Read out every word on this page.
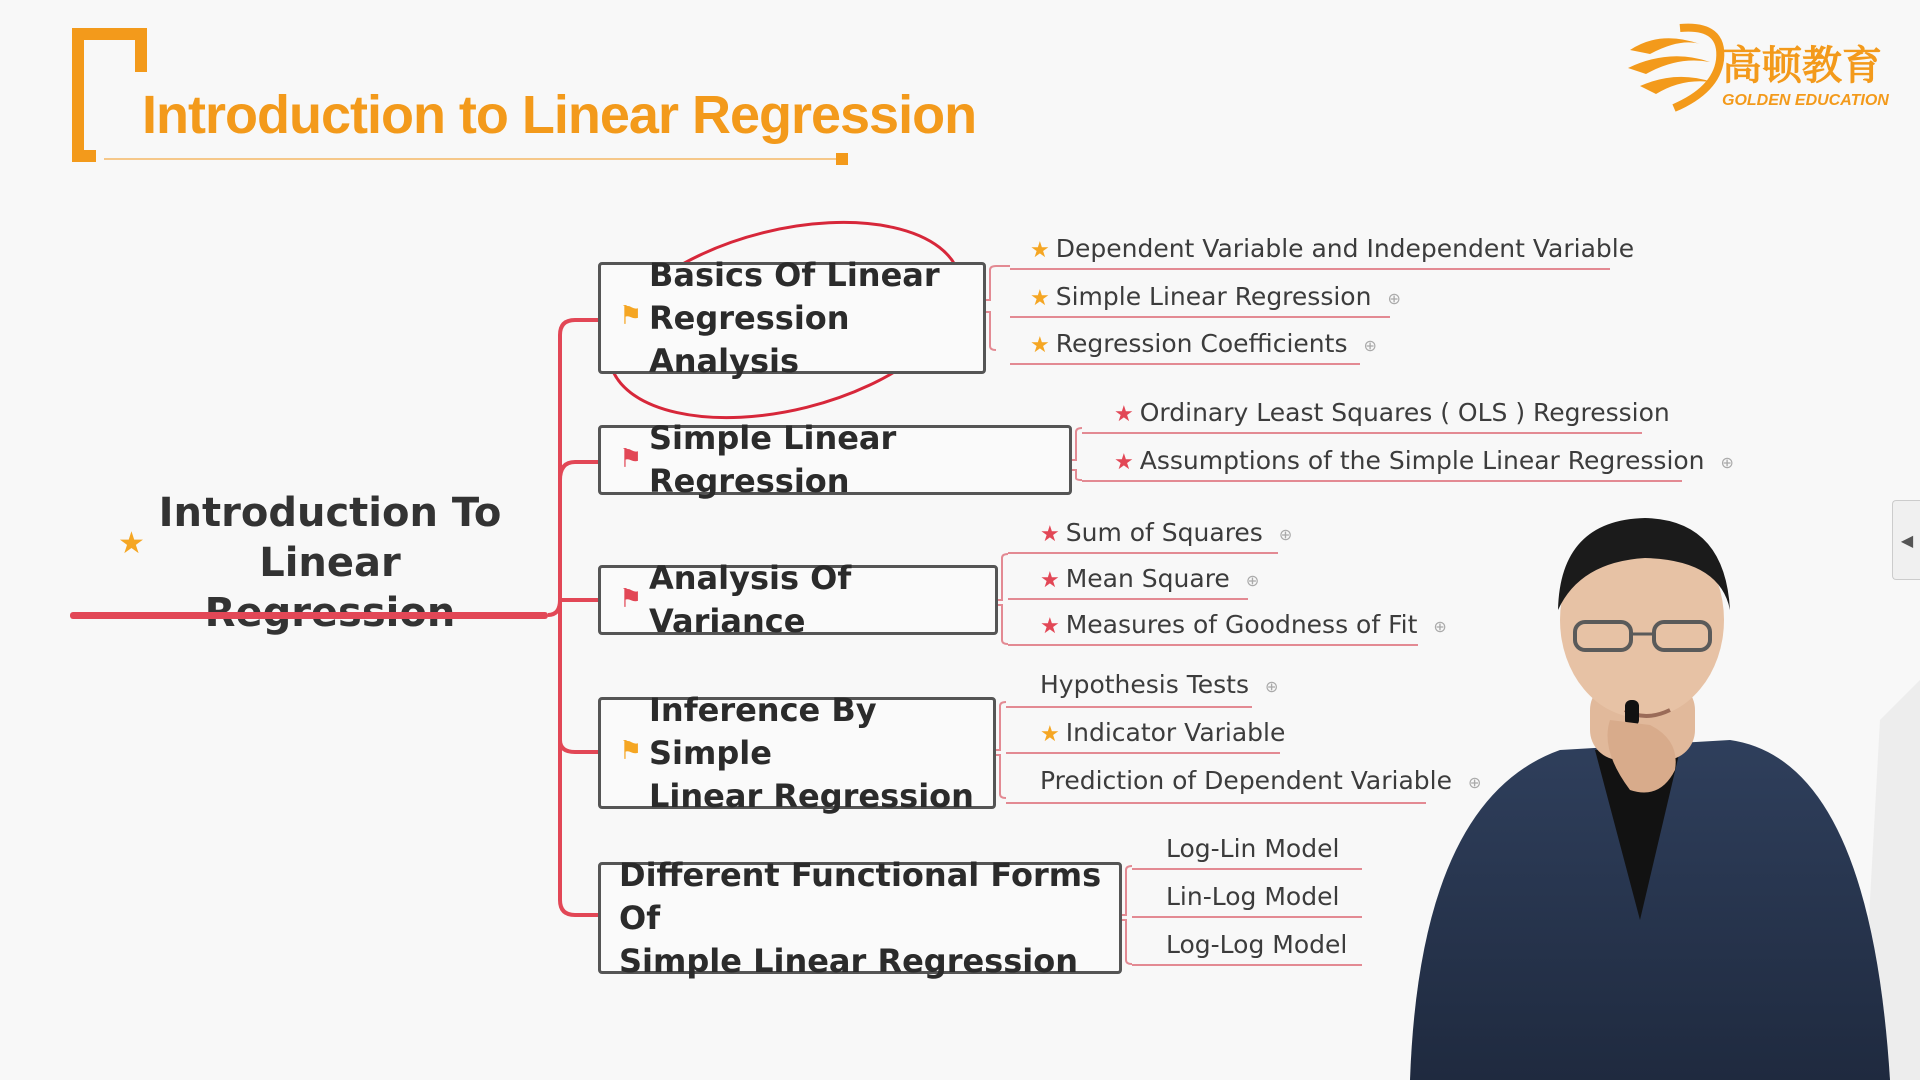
Introduction to Linear Regression
高顿教育
GOLDEN EDUCATION
★
Introduction To
Linear
⚑
Basics Of Linear
Regression Analysis
★ Dependent Variable and Independent Variable
★ Simple Linear Regression ⊕
★ Regression Coefficients ⊕
⚑
Simple Linear Regression
★ Ordinary Least Squares ( OLS ) Regression
★ Assumptions of the Simple Linear Regression ⊕
⚑
Analysis Of Variance
★ Sum of Squares ⊕
★ Mean Square ⊕
★ Measures of Goodness of Fit ⊕
⚑
Inference By Simple
Linear Regression
Hypothesis Tests ⊕
★ Indicator Variable
Prediction of Dependent Variable ⊕
Different Functional Forms Of
Simple Linear Regression
Log-Lin Model
Lin-Log Model
Log-Log Model
◀
